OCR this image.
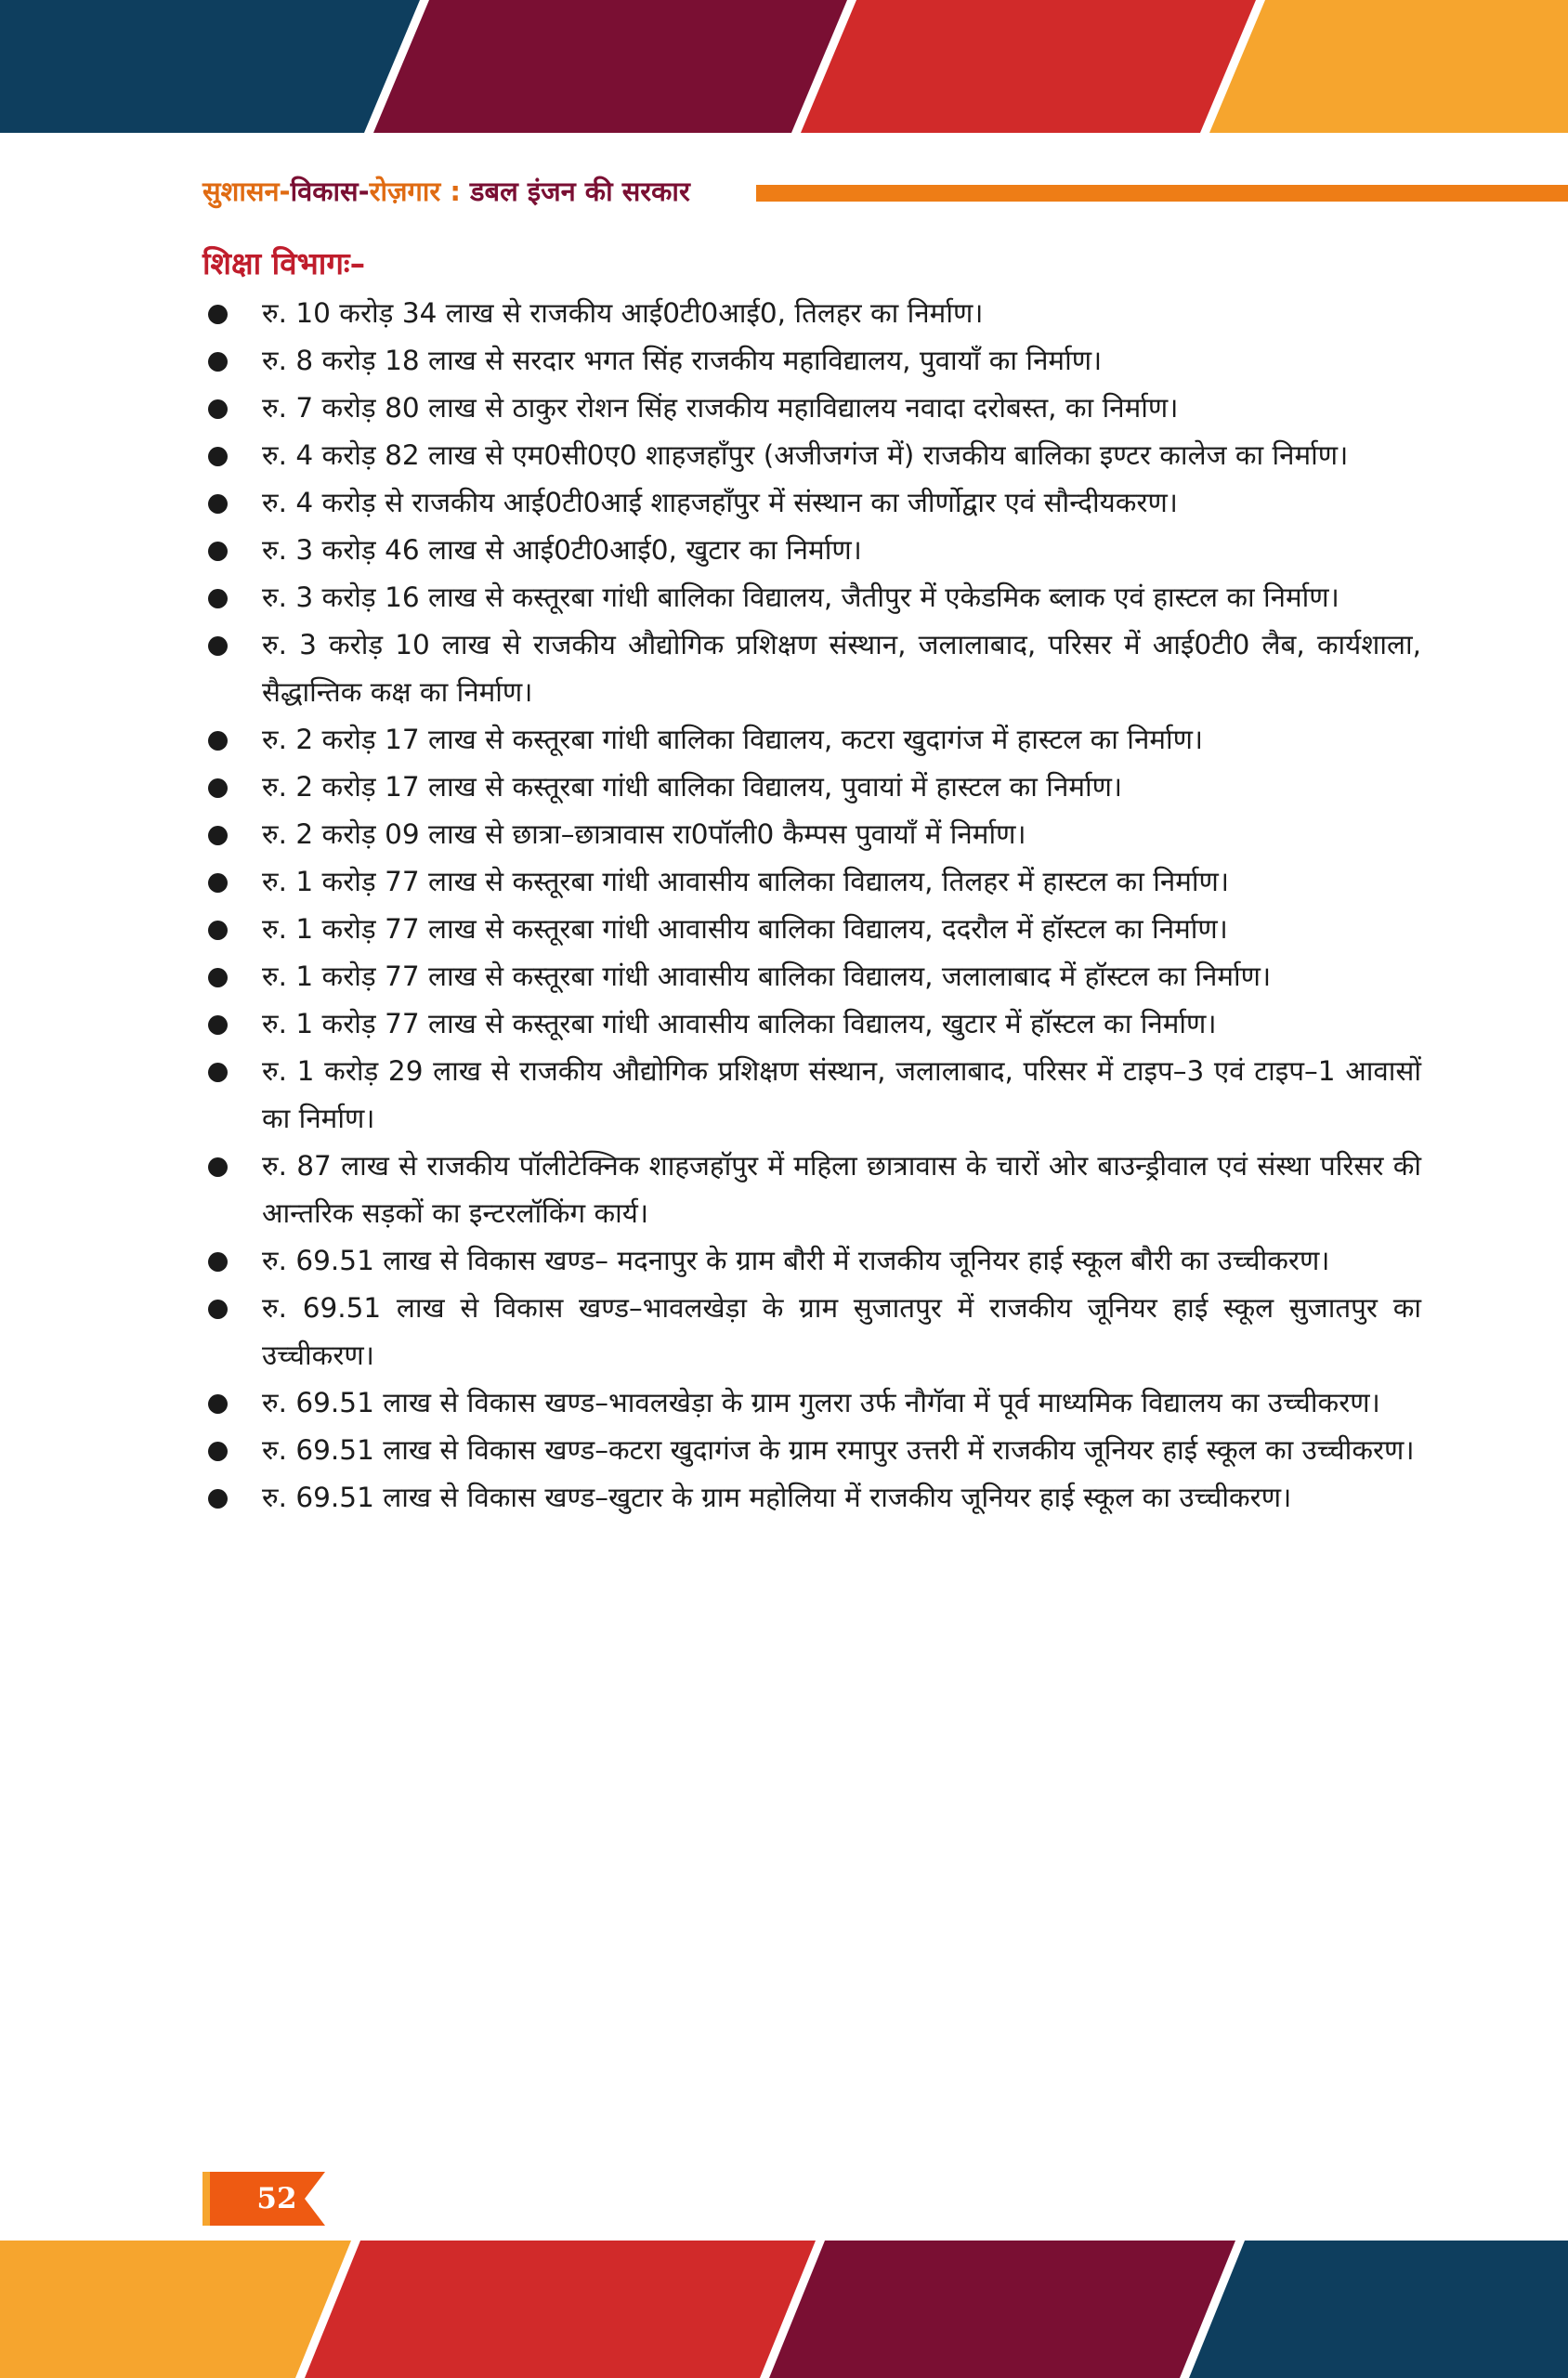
सुशासन-विकास-रोज़गार : डबल इंजन की सरकार
शिक्षा विभागः–
रु. 10 करोड़ 34 लाख से राजकीय आई0टी0आई0, तिलहर का निर्माण।
रु. 8 करोड़ 18 लाख से सरदार भगत सिंह राजकीय महाविद्यालय, पुवायाँ का निर्माण।
रु. 7 करोड़ 80 लाख से ठाकुर रोशन सिंह राजकीय महाविद्यालय नवादा दरोबस्त, का निर्माण।
रु. 4 करोड़ 82 लाख से एम0सी0ए0 शाहजहाँपुर (अजीजगंज में) राजकीय बालिका इण्टर कालेज का निर्माण।
रु. 4 करोड़ से राजकीय आई0टी0आई शाहजहाँपुर में संस्थान का जीर्णोद्वार एवं सौन्दीयकरण।
रु. 3 करोड़ 46 लाख से आई0टी0आई0, खुटार का निर्माण।
रु. 3 करोड़ 16 लाख से कस्तूरबा गांधी बालिका विद्यालय, जैतीपुर में एकेडमिक ब्लाक एवं हास्टल का निर्माण।
रु. 3 करोड़ 10 लाख से राजकीय औद्योगिक प्रशिक्षण संस्थान, जलालाबाद, परिसर में आई0टी0 लैब, कार्यशाला, सैद्धान्तिक कक्ष का निर्माण।
रु. 2 करोड़ 17 लाख से कस्तूरबा गांधी बालिका विद्यालय, कटरा खुदागंज में हास्टल का निर्माण।
रु. 2 करोड़ 17 लाख से कस्तूरबा गांधी बालिका विद्यालय, पुवायां में हास्टल का निर्माण।
रु. 2 करोड़ 09 लाख से छात्रा–छात्रावास रा0पॉली0 कैम्पस पुवायाँ में निर्माण।
रु. 1 करोड़ 77 लाख से कस्तूरबा गांधी आवासीय बालिका विद्यालय, तिलहर में हास्टल का निर्माण।
रु. 1 करोड़ 77 लाख से कस्तूरबा गांधी आवासीय बालिका विद्यालय, ददरौल में हॉस्टल का निर्माण।
रु. 1 करोड़ 77 लाख से कस्तूरबा गांधी आवासीय बालिका विद्यालय, जलालाबाद में हॉस्टल का निर्माण।
रु. 1 करोड़ 77 लाख से कस्तूरबा गांधी आवासीय बालिका विद्यालय, खुटार में हॉस्टल का निर्माण।
रु. 1 करोड़ 29 लाख से राजकीय औद्योगिक प्रशिक्षण संस्थान, जलालाबाद, परिसर में टाइप–3 एवं टाइप–1 आवासों का निर्माण।
रु. 87 लाख से राजकीय पॉलीटेक्निक शाहजहॉपुर में महिला छात्रावास के चारों ओर बाउन्ड्रीवाल एवं संस्था परिसर की आन्तरिक सड़कों का इन्टरलॉकिंग कार्य।
रु. 69.51 लाख से विकास खण्ड– मदनापुर के ग्राम बौरी में राजकीय जूनियर हाई स्कूल बौरी का उच्चीकरण।
रु. 69.51 लाख से विकास खण्ड–भावलखेड़ा के ग्राम सुजातपुर में राजकीय जूनियर हाई स्कूल सुजातपुर का उच्चीकरण।
रु. 69.51 लाख से विकास खण्ड–भावलखेड़ा के ग्राम गुलरा उर्फ नौगॅवा में पूर्व माध्यमिक विद्यालय का उच्चीकरण।
रु. 69.51 लाख से विकास खण्ड–कटरा खुदागंज के ग्राम रमापुर उत्तरी में राजकीय जूनियर हाई स्कूल का उच्चीकरण।
रु. 69.51 लाख से विकास खण्ड–खुटार के ग्राम महोलिया में राजकीय जूनियर हाई स्कूल का उच्चीकरण।
52
